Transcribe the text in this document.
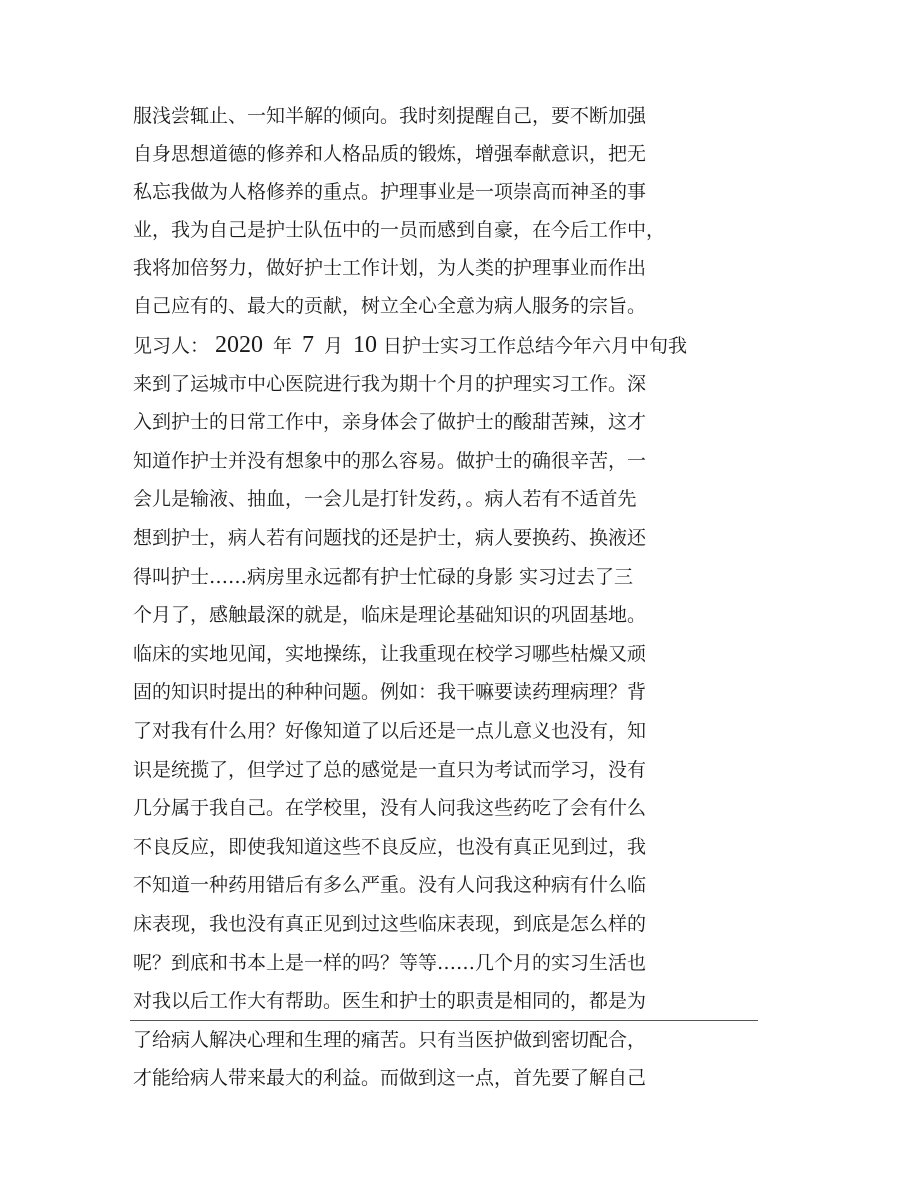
服浅尝辄止、一知半解的倾向。我时刻提醒自己，要不断加强
自身思想道德的修养和人格品质的锻炼，增强奉献意识，把无
私忘我做为人格修养的重点。护理事业是一项崇高而神圣的事
业，我为自己是护士队伍中的一员而感到自豪，在今后工作中，
我将加倍努力，做好护士工作计划，为人类的护理事业而作出
自己应有的、最大的贡献，树立全心全意为病人服务的宗旨。
见习人： 2020 年 7 月 10 日护士实习工作总结今年六月中旬我
来到了运城市中心医院进行我为期十个月的护理实习工作。深
入到护士的日常工作中，亲身体会了做护士的酸甜苦辣，这才
知道作护士并没有想象中的那么容易。做护士的确很辛苦，一
会儿是输液、抽血，一会儿是打针发药，。病人若有不适首先
想到护士，病人若有问题找的还是护士，病人要换药、换液还
得叫护士……病房里永远都有护士忙碌的身影 实习过去了三
个月了，感触最深的就是，临床是理论基础知识的巩固基地。
临床的实地见闻，实地操练，让我重现在校学习哪些枯燥又顽
固的知识时提出的种种问题。例如：我干嘛要读药理病理？背
了对我有什么用？好像知道了以后还是一点儿意义也没有，知
识是统揽了，但学过了总的感觉是一直只为考试而学习，没有
几分属于我自己。在学校里，没有人问我这些药吃了会有什么
不良反应，即使我知道这些不良反应，也没有真正见到过，我
不知道一种药用错后有多么严重。没有人问我这种病有什么临
床表现，我也没有真正见到过这些临床表现，到底是怎么样的
呢？到底和书本上是一样的吗？等等……几个月的实习生活也
对我以后工作大有帮助。医生和护士的职责是相同的，都是为
了给病人解决心理和生理的痛苦。只有当医护做到密切配合，
才能给病人带来最大的利益。而做到这一点，首先要了解自己
